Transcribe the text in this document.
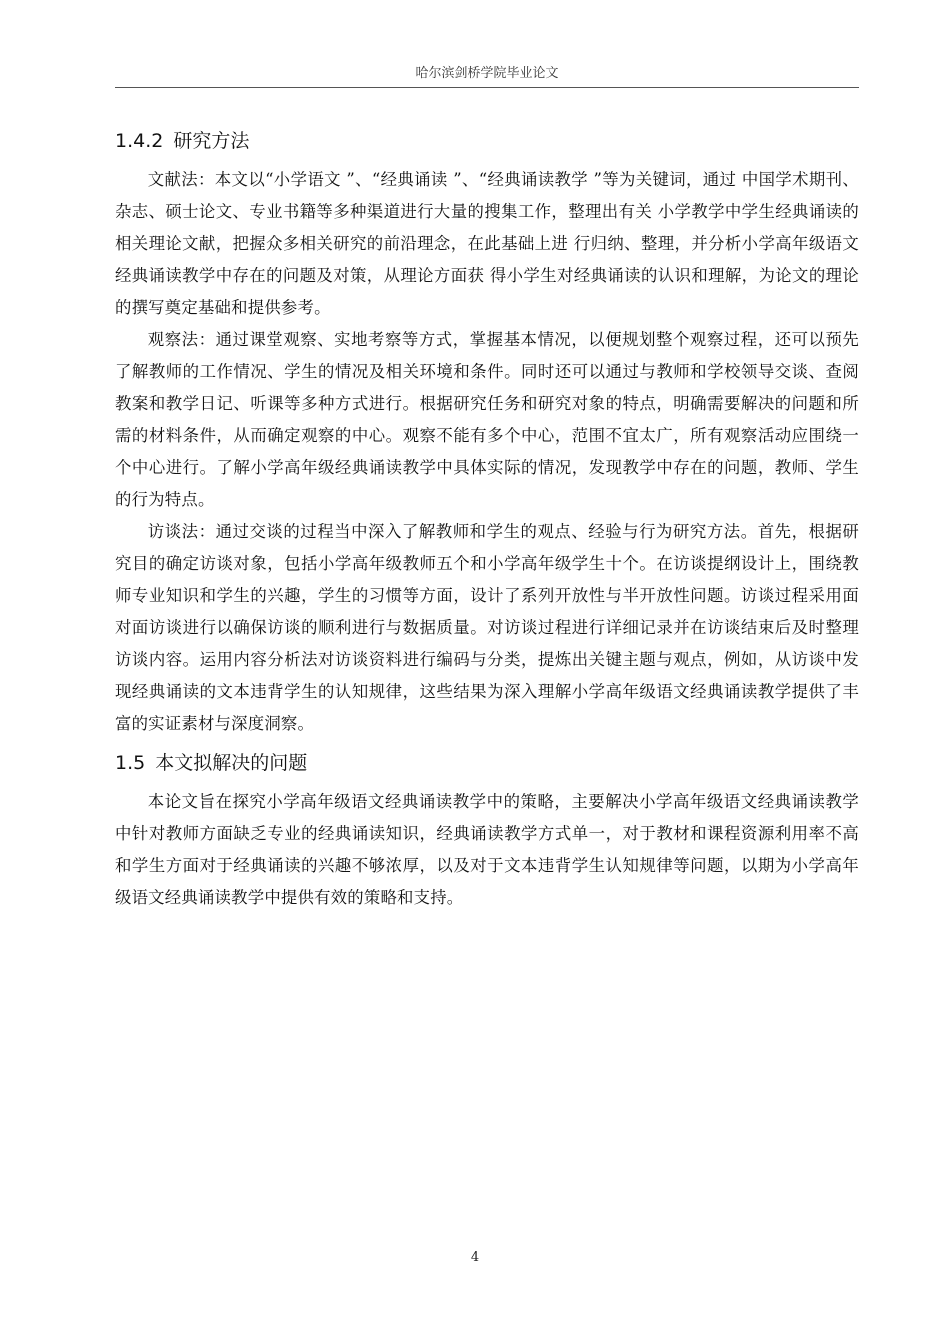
哈尔滨剑桥学院毕业论文
1.4.2 研究方法

文献法：本文以“小学语文 ”、“经典诵读 ”、“经典诵读教学 ”等为关键词，通过 中国学术期刊、杂志、硕士论文、专业书籍等多种渠道进行大量的搜集工作，整理出有关 小学教学中学生经典诵读的相关理论文献，把握众多相关研究的前沿理念，在此基础上进 行归纳、整理，并分析小学高年级语文经典诵读教学中存在的问题及对策，从理论方面获 得小学生对经典诵读的认识和理解，为论文的理论的撰写奠定基础和提供参考。

观察法：通过课堂观察、实地考察等方式，掌握基本情况，以便规划整个观察过程，还可以预先了解教师的工作情况、学生的情况及相关环境和条件。同时还可以通过与教师和学校领导交谈、查阅教案和教学日记、听课等多种方式进行。根据研究任务和研究对象的特点，明确需要解决的问题和所需的材料条件，从而确定观察的中心。观察不能有多个中心，范围不宜太广，所有观察活动应围绕一个中心进行。了解小学高年级经典诵读教学中具体实际的情况，发现教学中存在的问题，教师、学生的行为特点。

访谈法：通过交谈的过程当中深入了解教师和学生的观点、经验与行为研究方法。首先，根据研究目的确定访谈对象，包括小学高年级教师五个和小学高年级学生十个。在访谈提纲设计上，围绕教师专业知识和学生的兴趣，学生的习惯等方面，设计了系列开放性与半开放性问题。访谈过程采用面对面访谈进行以确保访谈的顺利进行与数据质量。对访谈过程进行详细记录并在访谈结束后及时整理访谈内容。运用内容分析法对访谈资料进行编码与分类，提炼出关键主题与观点，例如，从访谈中发现经典诵读的文本违背学生的认知规律，这些结果为深入理解小学高年级语文经典诵读教学提供了丰富的实证素材与深度洞察。

1.5 本文拟解决的问题

本论文旨在探究小学高年级语文经典诵读教学中的策略，主要解决小学高年级语文经典诵读教学中针对教师方面缺乏专业的经典诵读知识，经典诵读教学方式单一，对于教材和课程资源利用率不高和学生方面对于经典诵读的兴趣不够浓厚，以及对于文本违背学生认知规律等问题，以期为小学高年级语文经典诵读教学中提供有效的策略和支持。

4
